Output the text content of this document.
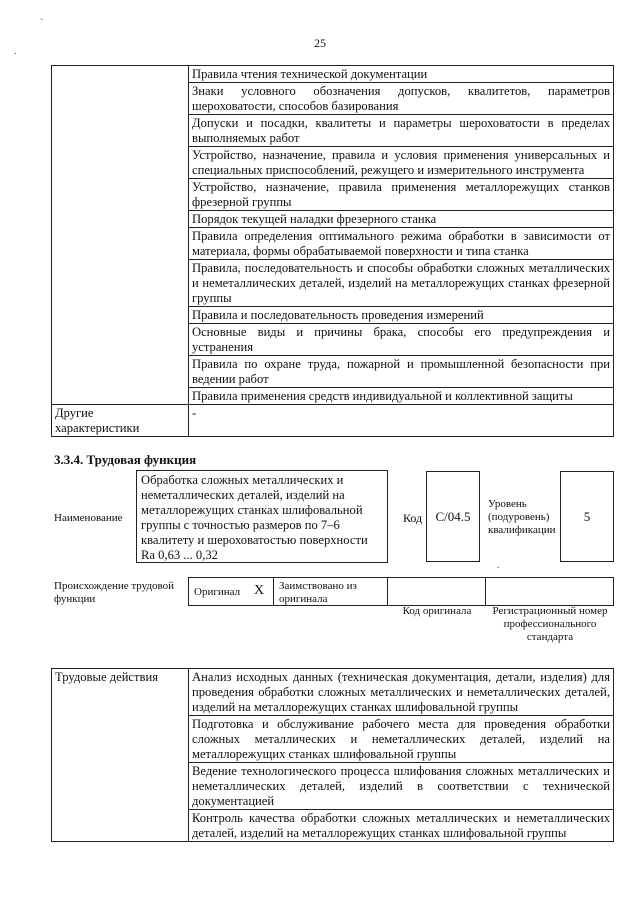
`
.
25
	Правила чтения технической документации
	Знаки условного обозначения допусков, квалитетов, параметров шероховатости, способов базирования
	Допуски и посадки, квалитеты и параметры шероховатости в пределах выполняемых работ
	Устройство, назначение, правила и условия применения универсальных и специальных приспособлений, режущего и измерительного инструмента
	Устройство, назначение, правила применения металлорежущих станков фрезерной группы
	Порядок текущей наладки фрезерного станка
	Правила определения оптимального режима обработки в зависимости от материала, формы обрабатываемой поверхности и типа станка
	Правила, последовательность и способы обработки сложных металлических и неметаллических деталей, изделий на металлорежущих станках фрезерной группы
	Правила и последовательность проведения измерений
	Основные виды и причины брака, способы его предупреждения и устранения
	Правила по охране труда, пожарной и промышленной безопасности при ведении работ
	Правила применения средств индивидуальной и коллективной защиты
Другие характеристики	-
3.3.4. Трудовая функция
Наименование
Обработка сложных металлических и неметаллических деталей, изделий на металлорежущих станках шлифовальной группы с точностью размеров по 7–6 квалитету и шероховатостью поверхности Ra 0,63 ... 0,32
Код C/04.5
Уровень (подуровень) квалификации
5
.
Происхождение трудовой функции
Оригинал X Заимствовано из оригинала
Код оригинала	Регистрационный номер профессионального стандарта
Трудовые действия	Анализ исходных данных (техническая документация, детали, изделия) для проведения обработки сложных металлических и неметаллических деталей, изделий на металлорежущих станках шлифовальной группы
Подготовка и обслуживание рабочего места для проведения обработки сложных металлических и неметаллических деталей, изделий на металлорежущих станках шлифовальной группы
Ведение технологического процесса шлифования сложных металлических и неметаллических деталей, изделий в соответствии с технической документацией
Контроль качества обработки сложных металлических и неметаллических деталей, изделий на металлорежущих станках шлифовальной группы
